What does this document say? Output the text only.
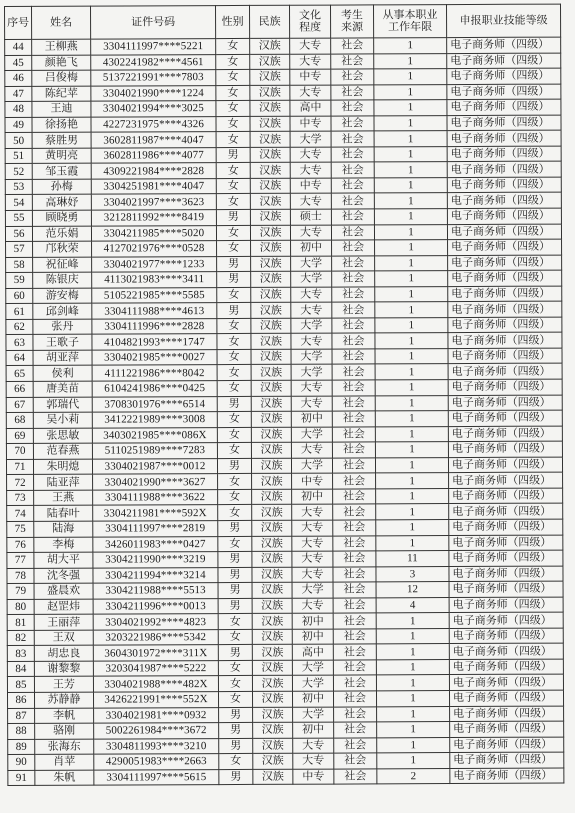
序号	姓名	证件号码	性别	民族	文化程度	考生来源	从事本职业工作年限	申报职业技能等级
44	王柳燕	3304111997****5221	女	汉族	大专	社会	1	电子商务师（四级）
45	颜艳飞	4302241982****4561	女	汉族	大专	社会	1	电子商务师（四级）
46	吕俊梅	5137221991****7803	女	汉族	中专	社会	1	电子商务师（四级）
47	陈纪苹	3304021990****1224	女	汉族	大专	社会	1	电子商务师（四级）
48	王迪	3304021994****3025	女	汉族	高中	社会	1	电子商务师（四级）
49	徐扬艳	4227231975****4326	女	汉族	中专	社会	1	电子商务师（四级）
50	蔡胜男	3602811987****4047	女	汉族	大学	社会	1	电子商务师（四级）
51	黄明亮	3602811986****4077	男	汉族	大专	社会	1	电子商务师（四级）
52	邹玉霞	4309221984****2828	女	汉族	大专	社会	1	电子商务师（四级）
53	孙梅	3304251981****4047	女	汉族	中专	社会	1	电子商务师（四级）
54	高琳妤	3304021997****3623	女	汉族	大专	社会	1	电子商务师（四级）
55	顾晓勇	3212811992****8419	男	汉族	硕士	社会	1	电子商务师（四级）
56	范乐娟	3304211985****5020	女	汉族	大专	社会	1	电子商务师（四级）
57	邝秋荣	4127021976****0528	女	汉族	初中	社会	1	电子商务师（四级）
58	祝征峰	3304021977****1233	男	汉族	大学	社会	1	电子商务师（四级）
59	陈银庆	4113021983****3411	男	汉族	大学	社会	1	电子商务师（四级）
60	游安梅	5105221985****5585	女	汉族	大专	社会	1	电子商务师（四级）
61	邱剑峰	3304111988****4613	男	汉族	大专	社会	1	电子商务师（四级）
62	张丹	3304111996****2828	女	汉族	大学	社会	1	电子商务师（四级）
63	王歌子	4104821993****1747	女	汉族	大专	社会	1	电子商务师（四级）
64	胡亚萍	3304021985****0027	女	汉族	大学	社会	1	电子商务师（四级）
65	侯利	4111221986****8042	女	汉族	大学	社会	1	电子商务师（四级）
66	唐美苗	6104241986****0425	女	汉族	大专	社会	1	电子商务师（四级）
67	郭瑞代	3708301976****6514	男	汉族	大专	社会	1	电子商务师（四级）
68	吴小莉	3412221989****3008	女	汉族	初中	社会	1	电子商务师（四级）
69	张思敏	3403021985****086X	女	汉族	大学	社会	1	电子商务师（四级）
70	范春燕	5110251989****7283	女	汉族	大专	社会	1	电子商务师（四级）
71	朱明熄	3304021987****0012	男	汉族	大学	社会	1	电子商务师（四级）
72	陆亚萍	3304021990****3627	女	汉族	中专	社会	1	电子商务师（四级）
73	王燕	3304111988****3622	女	汉族	初中	社会	1	电子商务师（四级）
74	陆春叶	3304211981****592X	女	汉族	大专	社会	1	电子商务师（四级）
75	陆海	3304111997****2819	男	汉族	大专	社会	1	电子商务师（四级）
76	李梅	3426011983****0427	女	汉族	大专	社会	1	电子商务师（四级）
77	胡大平	3304211990****3219	男	汉族	大专	社会	11	电子商务师（四级）
78	沈冬强	3304211994****3214	男	汉族	大专	社会	3	电子商务师（四级）
79	盛晨欢	3304211988****5513	男	汉族	大学	社会	12	电子商务师（四级）
80	赵罡炜	3304211996****0013	男	汉族	大专	社会	4	电子商务师（四级）
81	王丽萍	3304021992****4823	女	汉族	初中	社会	1	电子商务师（四级）
82	王双	3203221986****5342	女	汉族	初中	社会	1	电子商务师（四级）
83	胡忠良	3604301972****311X	男	汉族	高中	社会	1	电子商务师（四级）
84	谢黎黎	3203041987****5222	女	汉族	大学	社会	1	电子商务师（四级）
85	王芳	3304021988****482X	女	汉族	大学	社会	1	电子商务师（四级）
86	苏静静	3426221991****552X	女	汉族	初中	社会	1	电子商务师（四级）
87	李帆	3304021981****0932	男	汉族	大学	社会	1	电子商务师（四级）
88	骆刚	5002261984****3672	男	汉族	初中	社会	1	电子商务师（四级）
89	张海东	3304811993****3210	男	汉族	大专	社会	1	电子商务师（四级）
90	肖苹	4290051983****2663	女	汉族	大专	社会	1	电子商务师（四级）
91	朱帆	3304111997****5615	男	汉族	中专	社会	2	电子商务师（四级）
